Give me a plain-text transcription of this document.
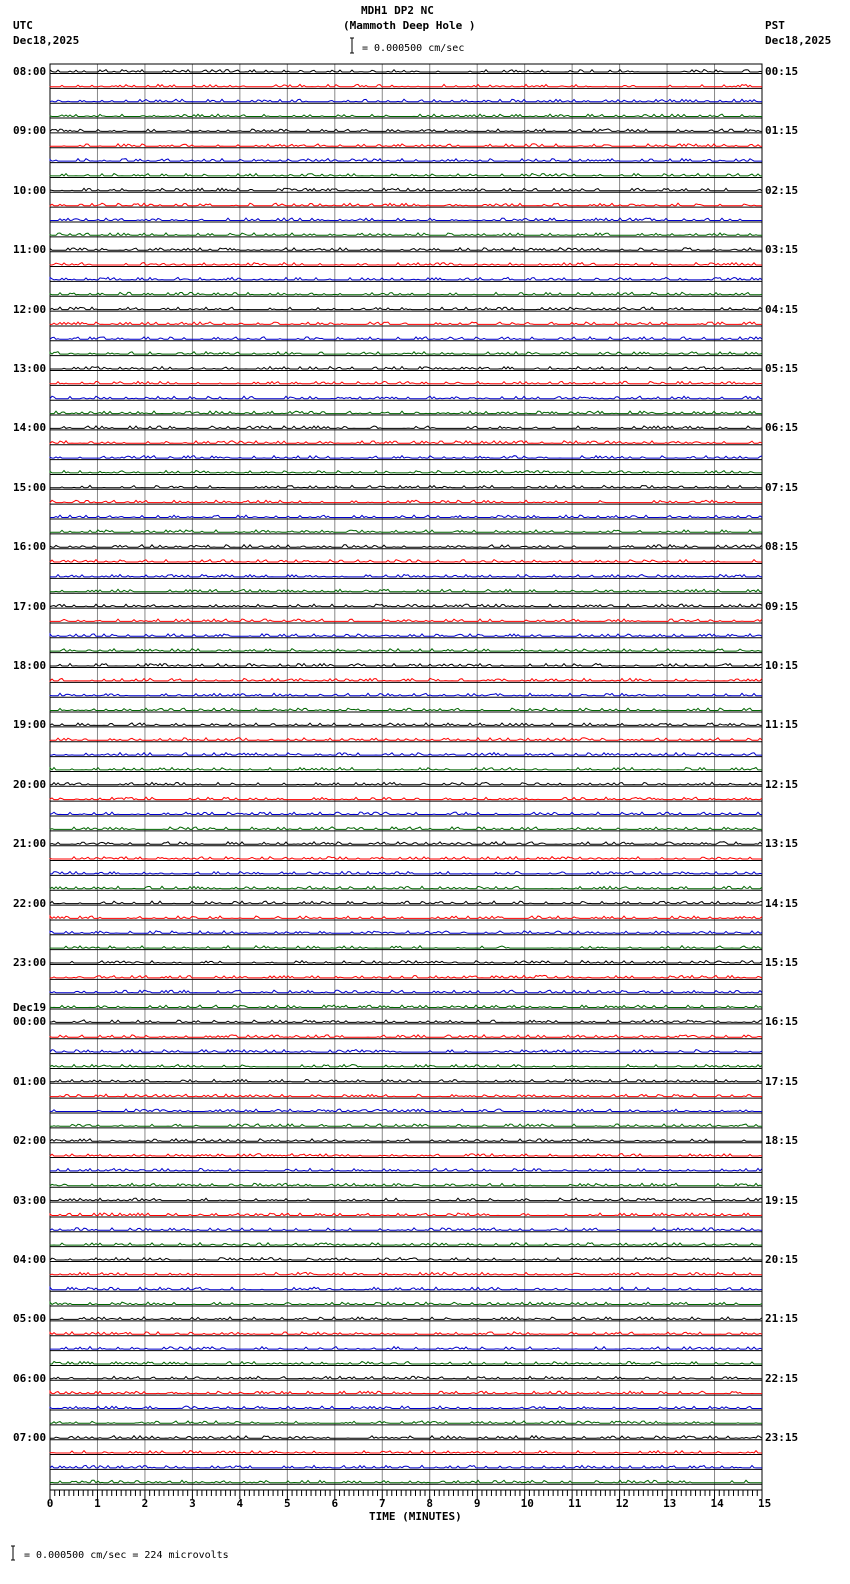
MDH1 DP2 NC
(Mammoth Deep Hole )
UTC
Dec18,2025
PST
Dec18,2025
= 0.000500 cm/sec
= 0.000500 cm/sec = 224 microvolts
TIME (MINUTES)
0	1	2	3	4	5	6	7	8	9	10	11	12	13	14	15
08:00
09:00
10:00
11:00
12:00
13:00
14:00
15:00
16:00
17:00
18:00
19:00
20:00
21:00
22:00
23:00
00:00
Dec19
01:00
02:00
03:00
04:00
05:00
06:00
07:00
00:15
01:15
02:15
03:15
04:15
05:15
06:15
07:15
08:15
09:15
10:15
11:15
12:15
13:15
14:15
15:15
16:15
17:15
18:15
19:15
20:15
21:15
22:15
23:15
